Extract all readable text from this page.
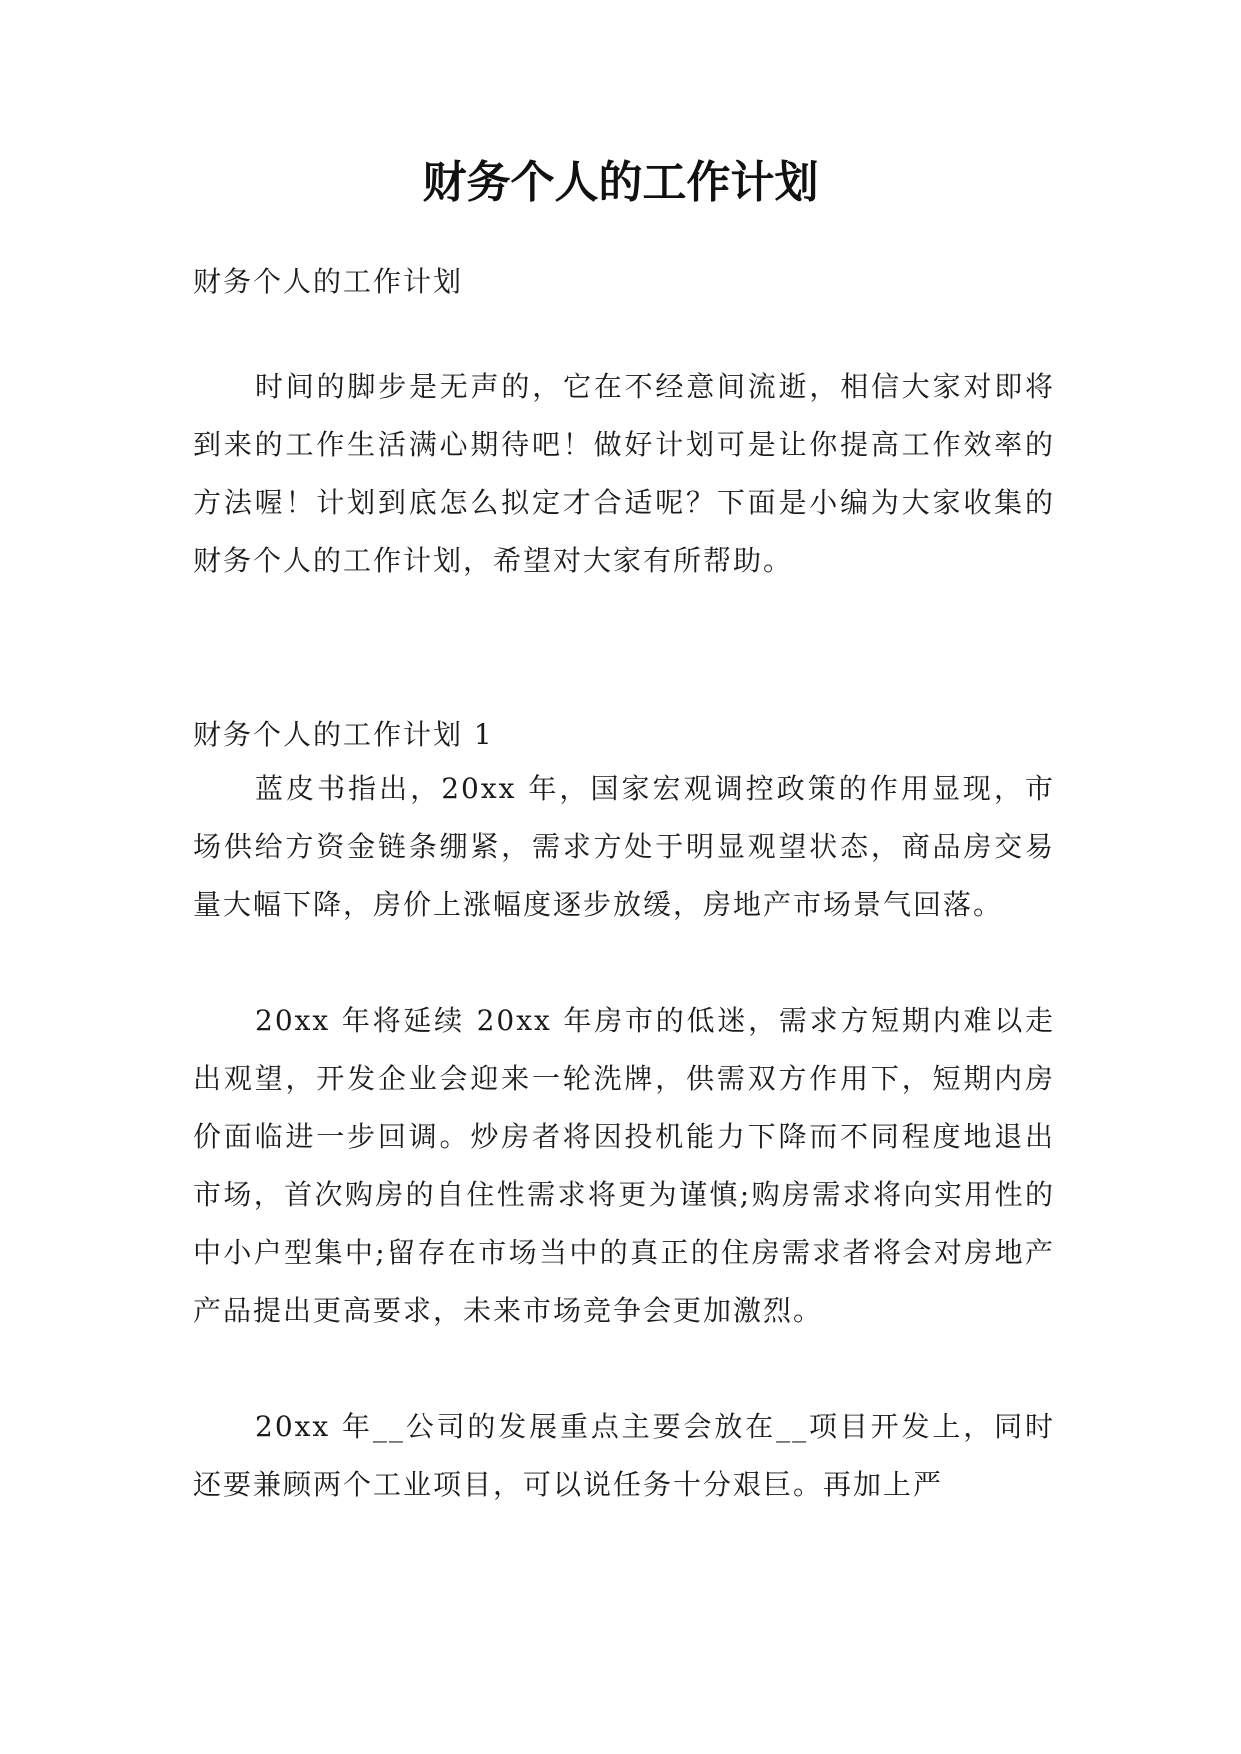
财务个人的工作计划

财务个人的工作计划

时间的脚步是无声的，它在不经意间流逝，相信大家对即将到来的工作生活满心期待吧！做好计划可是让你提高工作效率的方法喔！计划到底怎么拟定才合适呢？下面是小编为大家收集的财务个人的工作计划，希望对大家有所帮助。

财务个人的工作计划 1

蓝皮书指出，20xx 年，国家宏观调控政策的作用显现，市场供给方资金链条绷紧，需求方处于明显观望状态，商品房交易量大幅下降，房价上涨幅度逐步放缓，房地产市场景气回落。

20xx 年将延续 20xx 年房市的低迷，需求方短期内难以走出观望，开发企业会迎来一轮洗牌，供需双方作用下，短期内房价面临进一步回调。炒房者将因投机能力下降而不同程度地退出市场，首次购房的自住性需求将更为谨慎;购房需求将向实用性的中小户型集中;留存在市场当中的真正的住房需求者将会对房地产产品提出更高要求，未来市场竞争会更加激烈。

20xx 年__公司的发展重点主要会放在__项目开发上，同时还要兼顾两个工业项目，可以说任务十分艰巨。再加上严
